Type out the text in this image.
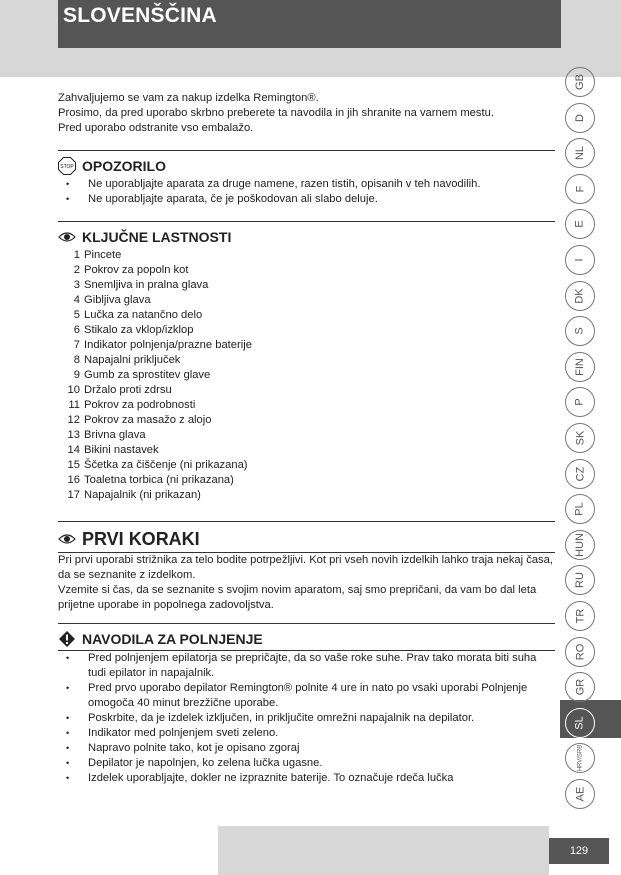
SLOVENŠČINA

Zahvaljujemo se vam za nakup izdelka Remington®.

Prosimo, da pred uporabo skrbno preberete ta navodila in jih shranite na varnem mestu.

Pred uporabo odstranite vso embalažo.

STOP OPOZORILO
• Ne uporabljajte aparata za druge namene, razen tistih, opisanih v teh navodilih.
• Ne uporabljajte aparata, če je poškodovan ali slabo deluje.
KLJUČNE LASTNOSTI
1 Pincete
2 Pokrov za popoln kot
3 Snemljiva in pralna glava
4 Gibljiva glava
5 Lučka za natančno delo
6 Stikalo za vklop/izklop
7 Indikator polnjenja/prazne baterije
8 Napajalni priključek
9 Gumb za sprostitev glave
10 Držalo proti zdrsu
11 Pokrov za podrobnosti
12 Pokrov za masažo z alojo
13 Brivna glava
14 Bikini nastavek
15 Ščetka za čiščenje (ni prikazana)
16 Toaletna torbica (ni prikazana)
17 Napajalnik (ni prikazan)
PRVI KORAKI

Pri prvi uporabi strižnika za telo bodite potrpežljivi. Kot pri vseh novih izdelkih lahko traja nekaj časa, da se seznanite z izdelkom.

Vzemite si čas, da se seznanite s svojim novim aparatom, saj smo prepričani, da vam bo dal leta prijetne uporabe in popolnega zadovoljstva.

NAVODILA ZA POLNJENJE
• Pred polnjenjem epilatorja se prepričajte, da so vaše roke suhe. Prav tako morata biti suha tudi epilator in napajalnik.
• Pred prvo uporabo depilator Remington® polnite 4 ure in nato po vsaki uporabi Polnjenje omogoča 40 minut brezžične uporabe.
• Poskrbite, da je izdelek izključen, in priključite omrežni napajalnik na depilator.
• Indikator med polnjenjem sveti zeleno.
• Napravo polnite tako, kot je opisano zgoraj
• Depilator je napolnjen, ko zelena lučka ugasne.
• Izdelek uporabljajte, dokler ne izpraznite baterije. To označuje rdeča lučka
GB
D
NL
F
E
I
DK
S
FIN
P
SK
CZ
PL
HUN
RU
TR
RO
GR
SL
HRV/SRB
AE
129
